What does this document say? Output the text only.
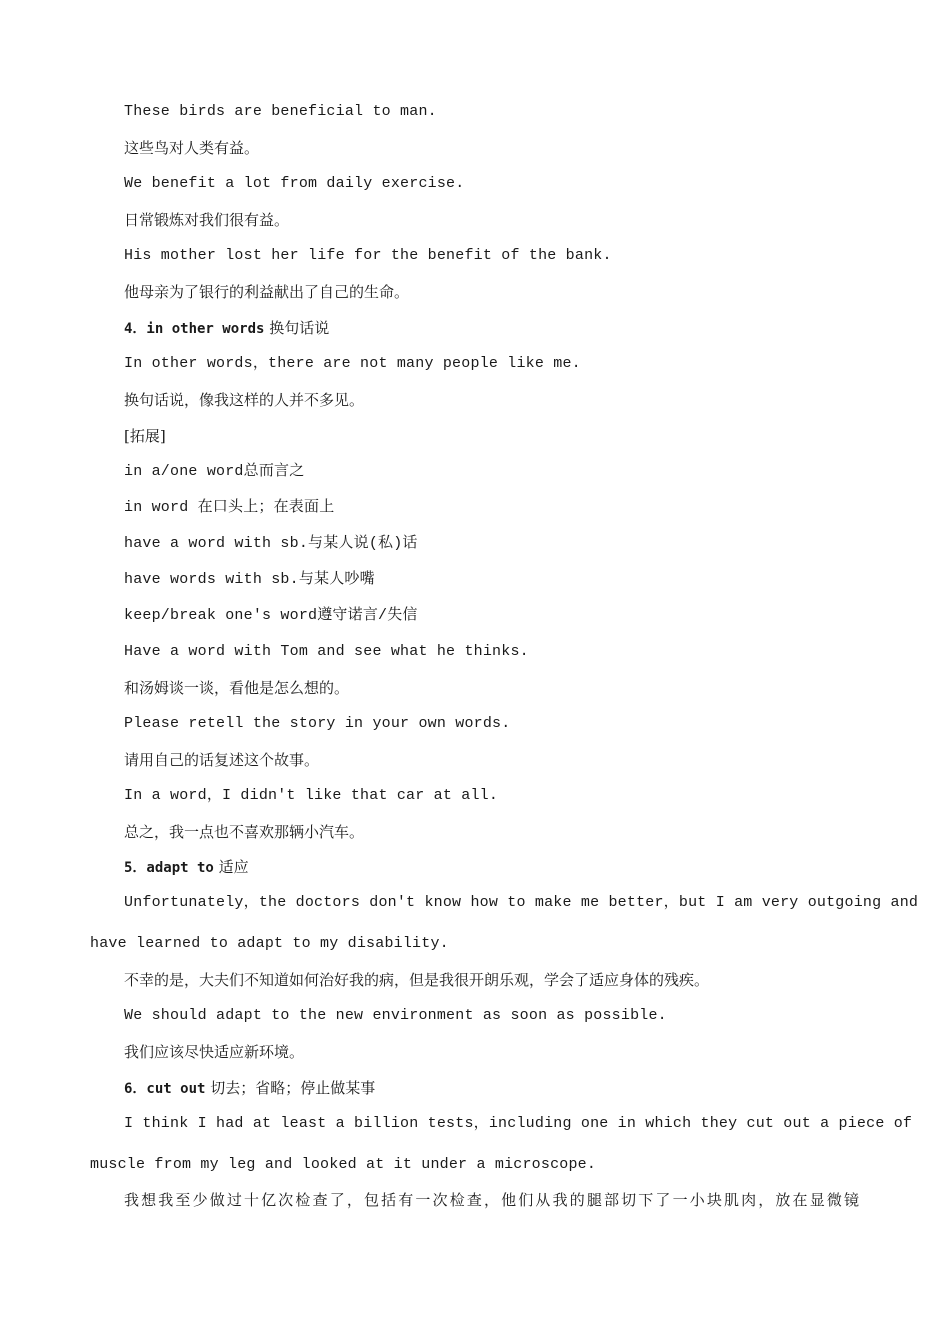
These birds are beneficial to man.

这些鸟对人类有益。

We benefit a lot from daily exercise.

日常锻炼对我们很有益。

His mother lost her life for the benefit of the bank.

他母亲为了银行的利益献出了自己的生命。

4．in other words 换句话说

In other words，there are not many people like me.

换句话说，像我这样的人并不多见。

[拓展]

in a/one word总而言之

in word 在口头上；在表面上

have a word with sb.与某人说(私)话

have words with sb.与某人吵嘴

keep/break one's word遵守诺言/失信

Have a word with Tom and see what he thinks.

和汤姆谈一谈，看他是怎么想的。

Please retell the story in your own words.

请用自己的话复述这个故事。

In a word，I didn't like that car at all.

总之，我一点也不喜欢那辆小汽车。

5．adapt to 适应

Unfortunately，the doctors don't know how to make me better，but I am very outgoing and

have learned to adapt to my disability.

不幸的是，大夫们不知道如何治好我的病，但是我很开朗乐观，学会了适应身体的残疾。

We should adapt to the new environment as soon as possible.

我们应该尽快适应新环境。

6．cut out 切去；省略；停止做某事

I think I had at least a billion tests，including one in which they cut out a piece of

muscle from my leg and looked at it under a microscope.

我想我至少做过十亿次检查了，包括有一次检查，他们从我的腿部切下了一小块肌肉，放在显微镜
